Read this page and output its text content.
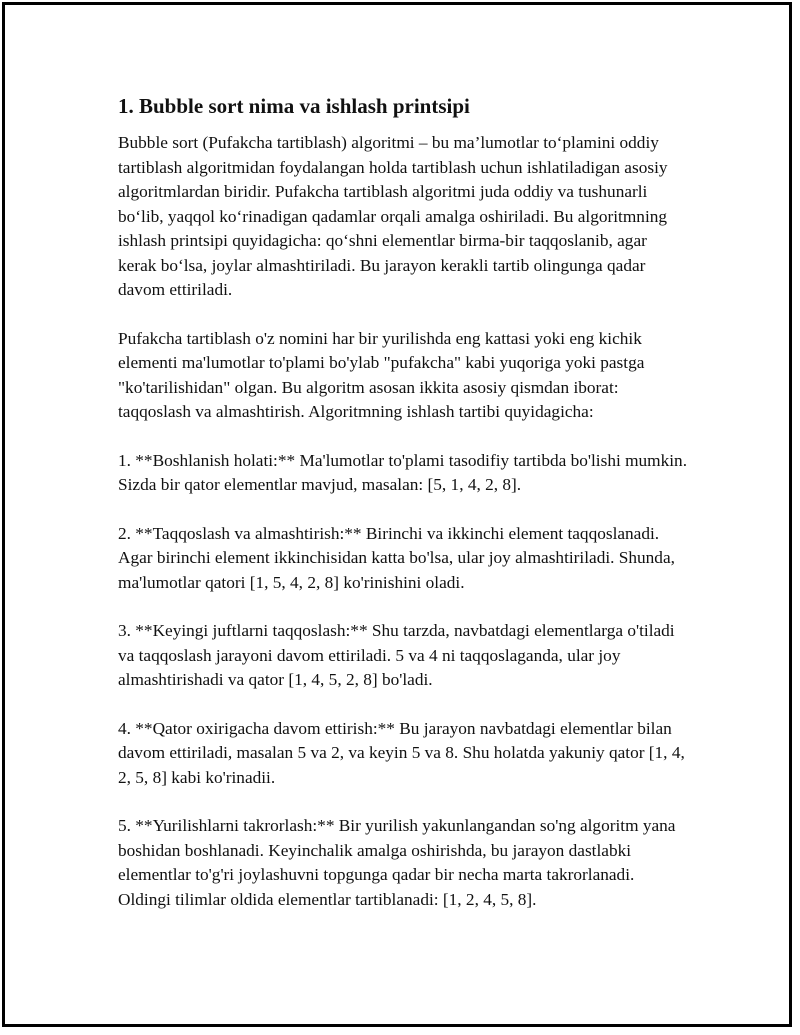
1. Bubble sort nima va ishlash printsipi

Bubble sort (Pufakcha tartiblash) algoritmi – bu ma’lumotlar to‘plamini oddiy tartiblash algoritmidan foydalangan holda tartiblash uchun ishlatiladigan asosiy algoritmlardan biridir. Pufakcha tartiblash algoritmi juda oddiy va tushunarli bo‘lib, yaqqol ko‘rinadigan qadamlar orqali amalga oshiriladi. Bu algoritmning ishlash printsipi quyidagicha: qo‘shni elementlar birma-bir taqqoslanib, agar kerak bo‘lsa, joylar almashtiriladi. Bu jarayon kerakli tartib olingunga qadar davom ettiriladi.

Pufakcha tartiblash o'z nomini har bir yurilishda eng kattasi yoki eng kichik elementi ma'lumotlar to'plami bo'ylab "pufakcha" kabi yuqoriga yoki pastga "ko'tarilishidan" olgan. Bu algoritm asosan ikkita asosiy qismdan iborat: taqqoslash va almashtirish. Algoritmning ishlash tartibi quyidagicha:

1. **Boshlanish holati:** Ma'lumotlar to'plami tasodifiy tartibda bo'lishi mumkin. Sizda bir qator elementlar mavjud, masalan: [5, 1, 4, 2, 8].

2. **Taqqoslash va almashtirish:** Birinchi va ikkinchi element taqqoslanadi. Agar birinchi element ikkinchisidan katta bo'lsa, ular joy almashtiriladi. Shunda, ma'lumotlar qatori [1, 5, 4, 2, 8] ko'rinishini oladi.

3. **Keyingi juftlarni taqqoslash:** Shu tarzda, navbatdagi elementlarga o'tiladi va taqqoslash jarayoni davom ettiriladi. 5 va 4 ni taqqoslaganda, ular joy almashtirishadi va qator [1, 4, 5, 2, 8] bo'ladi.

4. **Qator oxirigacha davom ettirish:** Bu jarayon navbatdagi elementlar bilan davom ettiriladi, masalan 5 va 2, va keyin 5 va 8. Shu holatda yakuniy qator [1, 4, 2, 5, 8] kabi ko'rinadii.

5. **Yurilishlarni takrorlash:** Bir yurilish yakunlangandan so'ng algoritm yana boshidan boshlanadi. Keyinchalik amalga oshirishda, bu jarayon dastlabki elementlar to'g'ri joylashuvni topgunga qadar bir necha marta takrorlanadi. Oldingi tilimlar oldida elementlar tartiblanadi: [1, 2, 4, 5, 8].
